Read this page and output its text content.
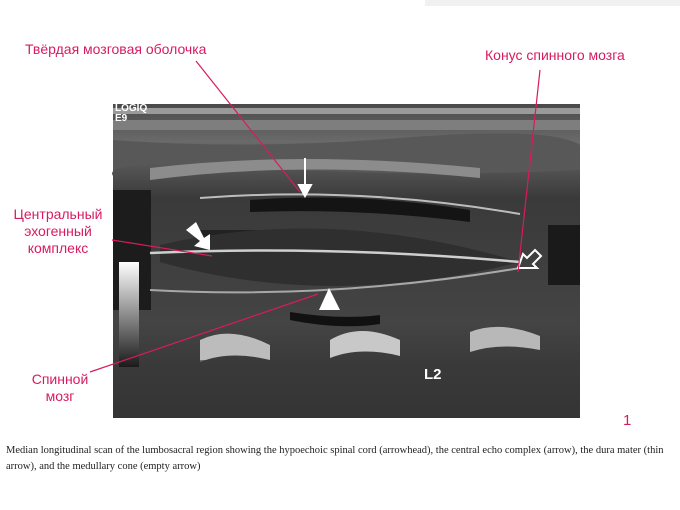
LOGIQ
E9
L2
Твёрдая мозговая оболочка	Конус спинного мозга
Центральный
эхогенный
комплекс
Спинной
мозг
1
Median longitudinal scan of the lumbosacral region showing the hypoechoic spinal cord (arrowhead), the central echo complex (arrow), the dura mater (thin arrow), and the medullary cone (empty arrow)
